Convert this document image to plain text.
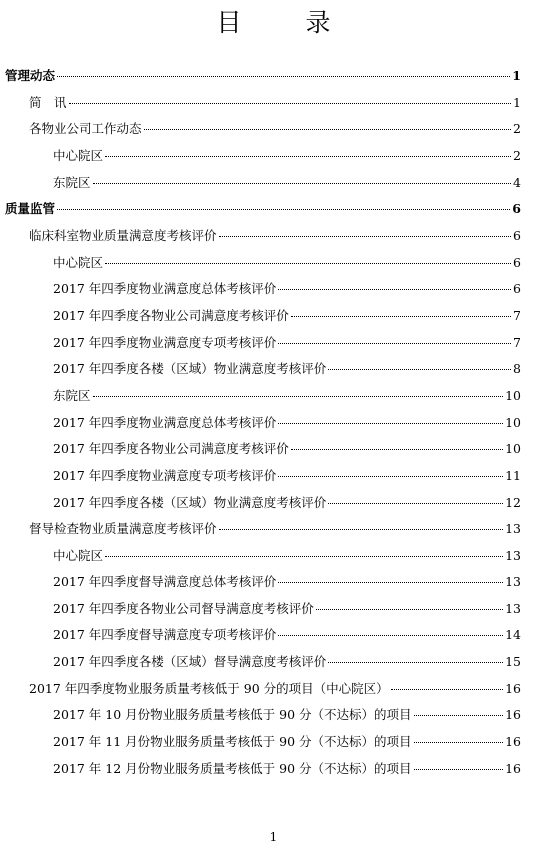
目 录
管理动态	1
简　讯	1
各物业公司工作动态	2
中心院区	2
东院区	4
质量监管	6
临床科室物业质量满意度考核评价	6
中心院区	6
2017 年四季度物业满意度总体考核评价	6
2017 年四季度各物业公司满意度考核评价	7
2017 年四季度物业满意度专项考核评价	7
2017 年四季度各楼（区域）物业满意度考核评价	8
东院区	10
2017 年四季度物业满意度总体考核评价	10
2017 年四季度各物业公司满意度考核评价	10
2017 年四季度物业满意度专项考核评价	11
2017 年四季度各楼（区域）物业满意度考核评价	12
督导检查物业质量满意度考核评价	13
中心院区	13
2017 年四季度督导满意度总体考核评价	13
2017 年四季度各物业公司督导满意度考核评价	13
2017 年四季度督导满意度专项考核评价	14
2017 年四季度各楼（区域）督导满意度考核评价	15
2017 年四季度物业服务质量考核低于 90 分的项目（中心院区）	16
2017 年 10 月份物业服务质量考核低于 90 分（不达标）的项目	16
2017 年 11 月份物业服务质量考核低于 90 分（不达标）的项目	16
2017 年 12 月份物业服务质量考核低于 90 分（不达标）的项目	16
1
